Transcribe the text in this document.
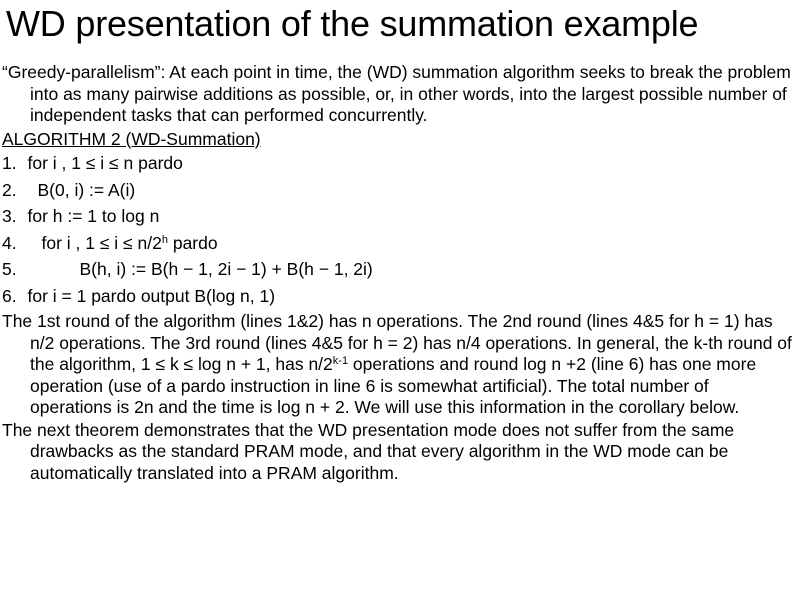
WD presentation of the summation example

“Greedy-parallelism”: At each point in time, the (WD) summation algorithm seeks to break the problem into as many pairwise additions as possible, or, in other words, into the largest possible number of independent tasks that can performed concurrently.

ALGORITHM 2 (WD-Summation)

1. for i , 1 ≤ i ≤ n pardo
2. B(0, i) := A(i)
3. for h := 1 to log n
4. for i , $1 \le i \le n/2^h$ pardo
5.	B(h, i) := B(h − 1, 2i − 1) + B(h − 1, 2i)
6. for i = 1 pardo output B(log n, 1)

The 1st round of the algorithm (lines 1&2) has n operations. The 2nd round (lines 4&5 for h = 1) has n/2 operations. The 3rd round (lines 4&5 for h = 2) has n/4 operations. In general, the k-th round of the algorithm, 1 ≤ k ≤ log n + 1, has n/2$^{k-1}$ operations and round log n +2 (line 6) has one more operation (use of a pardo instruction in line 6 is somewhat artificial). The total number of operations is 2n and the time is log n + 2. We will use this information in the corollary below.

The next theorem demonstrates that the WD presentation mode does not suffer from the same drawbacks as the standard PRAM mode, and that every algorithm in the WD mode can be automatically translated into a PRAM algorithm.
